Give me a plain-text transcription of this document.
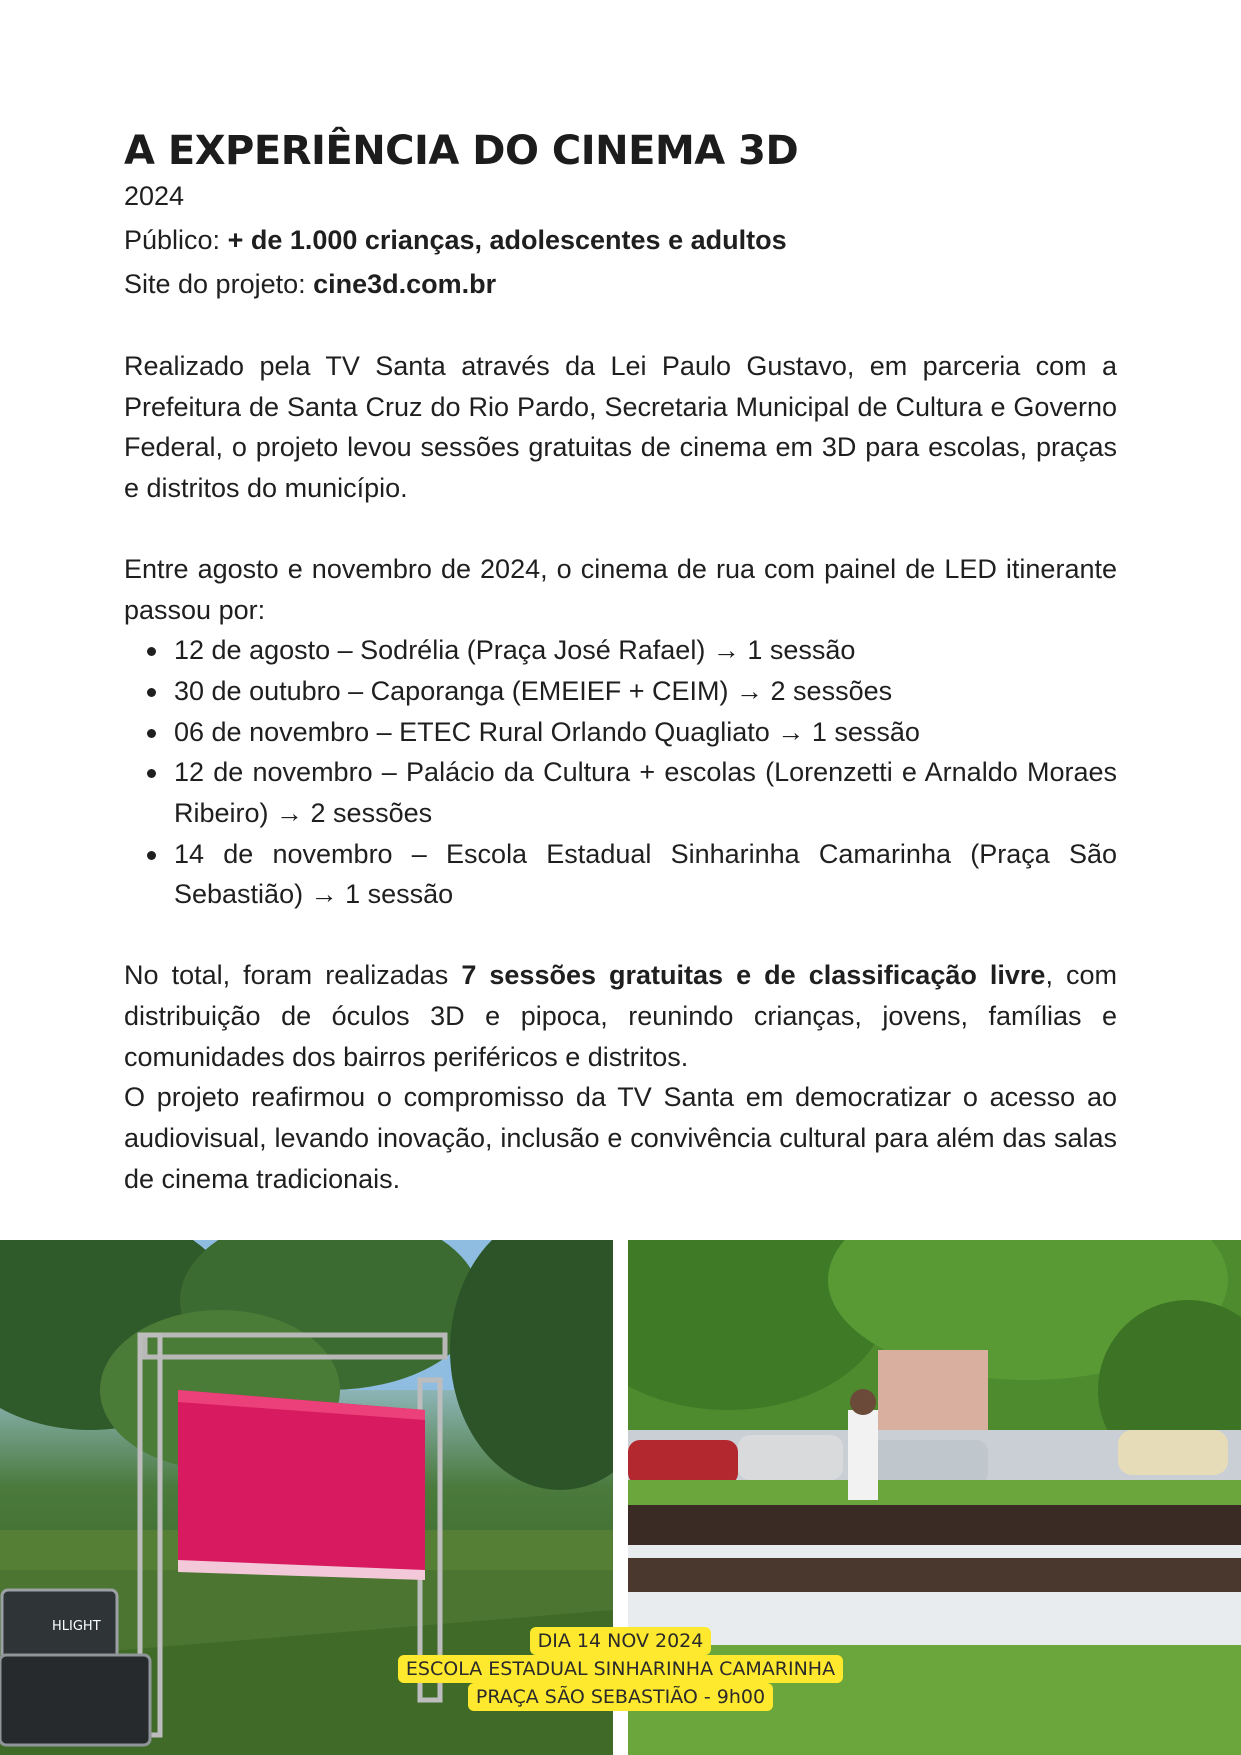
A EXPERIÊNCIA DO CINEMA 3D
2024
Público: + de 1.000 crianças, adolescentes e adultos
Site do projeto: cine3d.com.br

Realizado pela TV Santa através da Lei Paulo Gustavo, em parceria com a Prefeitura de Santa Cruz do Rio Pardo, Secretaria Municipal de Cultura e Governo Federal, o projeto levou sessões gratuitas de cinema em 3D para escolas, praças e distritos do município.

Entre agosto e novembro de 2024, o cinema de rua com painel de LED itinerante passou por:

12 de agosto – Sodrélia (Praça José Rafael) → 1 sessão
30 de outubro – Caporanga (EMEIEF + CEIM) → 2 sessões
06 de novembro – ETEC Rural Orlando Quagliato → 1 sessão
12 de novembro – Palácio da Cultura + escolas (Lorenzetti e Arnaldo Moraes Ribeiro) → 2 sessões
14 de novembro – Escola Estadual Sinharinha Camarinha (Praça São Sebastião) → 1 sessão

No total, foram realizadas 7 sessões gratuitas e de classificação livre, com distribuição de óculos 3D e pipoca, reunindo crianças, jovens, famílias e comunidades dos bairros periféricos e distritos.

O projeto reafirmou o compromisso da TV Santa em democratizar o acesso ao audiovisual, levando inovação, inclusão e convivência cultural para além das salas de cinema tradicionais.

HLIGHT
DIA 14 NOV 2024
ESCOLA ESTADUAL SINHARINHA CAMARINHA
PRAÇA SÃO SEBASTIÃO - 9h00
